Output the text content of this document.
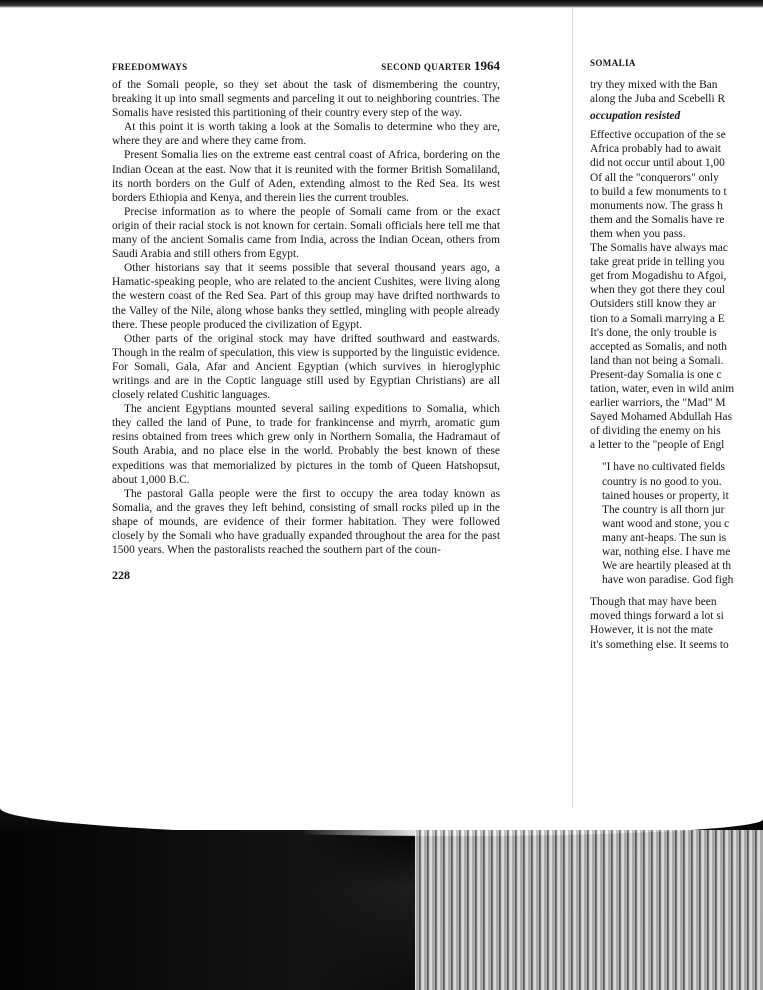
FREEDOMWAYS	SECOND QUARTER 1964

of the Somali people, so they set about the task of dismembering the country, breaking it up into small segments and parceling it out to neighboring countries. The Somalis have resisted this partitioning of their country every step of the way.

At this point it is worth taking a look at the Somalis to determine who they are, where they are and where they came from.

Present Somalia lies on the extreme east central coast of Africa, bordering on the Indian Ocean at the east. Now that it is reunited with the former British Somaliland, its north borders on the Gulf of Aden, extending almost to the Red Sea. Its west borders Ethiopia and Kenya, and therein lies the current troubles.

Precise information as to where the people of Somali came from or the exact origin of their racial stock is not known for certain. Somali officials here tell me that many of the ancient Somalis came from India, across the Indian Ocean, others from Saudi Arabia and still others from Egypt.

Other historians say that it seems possible that several thousand years ago, a Hamatic-speaking people, who are related to the ancient Cushites, were living along the western coast of the Red Sea. Part of this group may have drifted northwards to the Valley of the Nile, along whose banks they settled, mingling with people already there. These people produced the civilization of Egypt.

Other parts of the original stock may have drifted southward and eastwards. Though in the realm of speculation, this view is supported by the linguistic evidence. For Somali, Gala, Afar and Ancient Egyptian (which survives in hieroglyphic writings and are in the Coptic language still used by Egyptian Christians) are all closely related Cushitic languages.

The ancient Egyptians mounted several sailing expeditions to Somalia, which they called the land of Pune, to trade for frankincense and myrrh, aromatic gum resins obtained from trees which grew only in Northern Somalia, the Hadramaut of South Arabia, and no place else in the world. Probably the best known of these expeditions was that memorialized by pictures in the tomb of Queen Hatshopsut, about 1,000 B.C.

The pastoral Galla people were the first to occupy the area today known as Somalia, and the graves they left behind, consisting of small rocks piled up in the shape of mounds, are evidence of their former habitation. They were followed closely by the Somali who have gradually expanded throughout the area for the past 1500 years. When the pastoralists reached the southern part of the coun-

228
SOMALIA
try they mixed with the Ban
along the Juba and Scebelli R
occupation resisted
Effective occupation of the se
Africa probably had to await
did not occur until about 1,00
Of all the "conquerors" only
to build a few monuments to t
monuments now. The grass h
them and the Somalis have re
them when you pass.
The Somalis have always mac
take great pride in telling you
get from Mogadishu to Afgoi,
when they got there they coul
Outsiders still know they ar
tion to a Somali marrying a E
It's done, the only trouble is
accepted as Somalis, and noth
land than not being a Somali.
Present-day Somalia is one c
tation, water, even in wild anim
earlier warriors, the "Mad" M
Sayed Mohamed Abdullah Has
of dividing the enemy on his
a letter to the "people of Engl
"I have no cultivated fields
country is no good to you.
tained houses or property, it
The country is all thorn jur
want wood and stone, you c
many ant-heaps. The sun is
war, nothing else. I have me
We are heartily pleased at th
have won paradise. God figh
Though that may have been
moved things forward a lot si
However, it is not the mate
it's something else. It seems to
